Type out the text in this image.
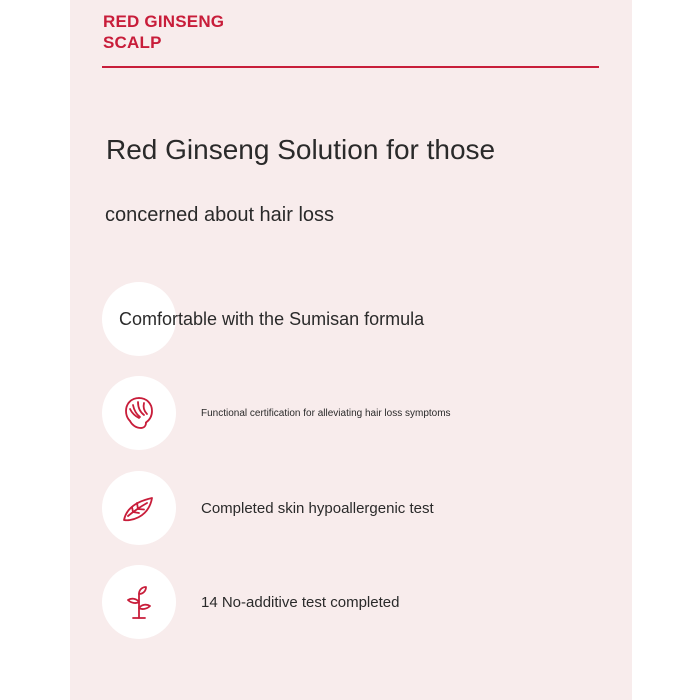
RED GINSENG
SCALP
Red Ginseng Solution for those
concerned about hair loss
Comfortable with the Sumisan formula
Functional certification for alleviating hair loss symptoms
Completed skin hypoallergenic test
14 No-additive test completed
